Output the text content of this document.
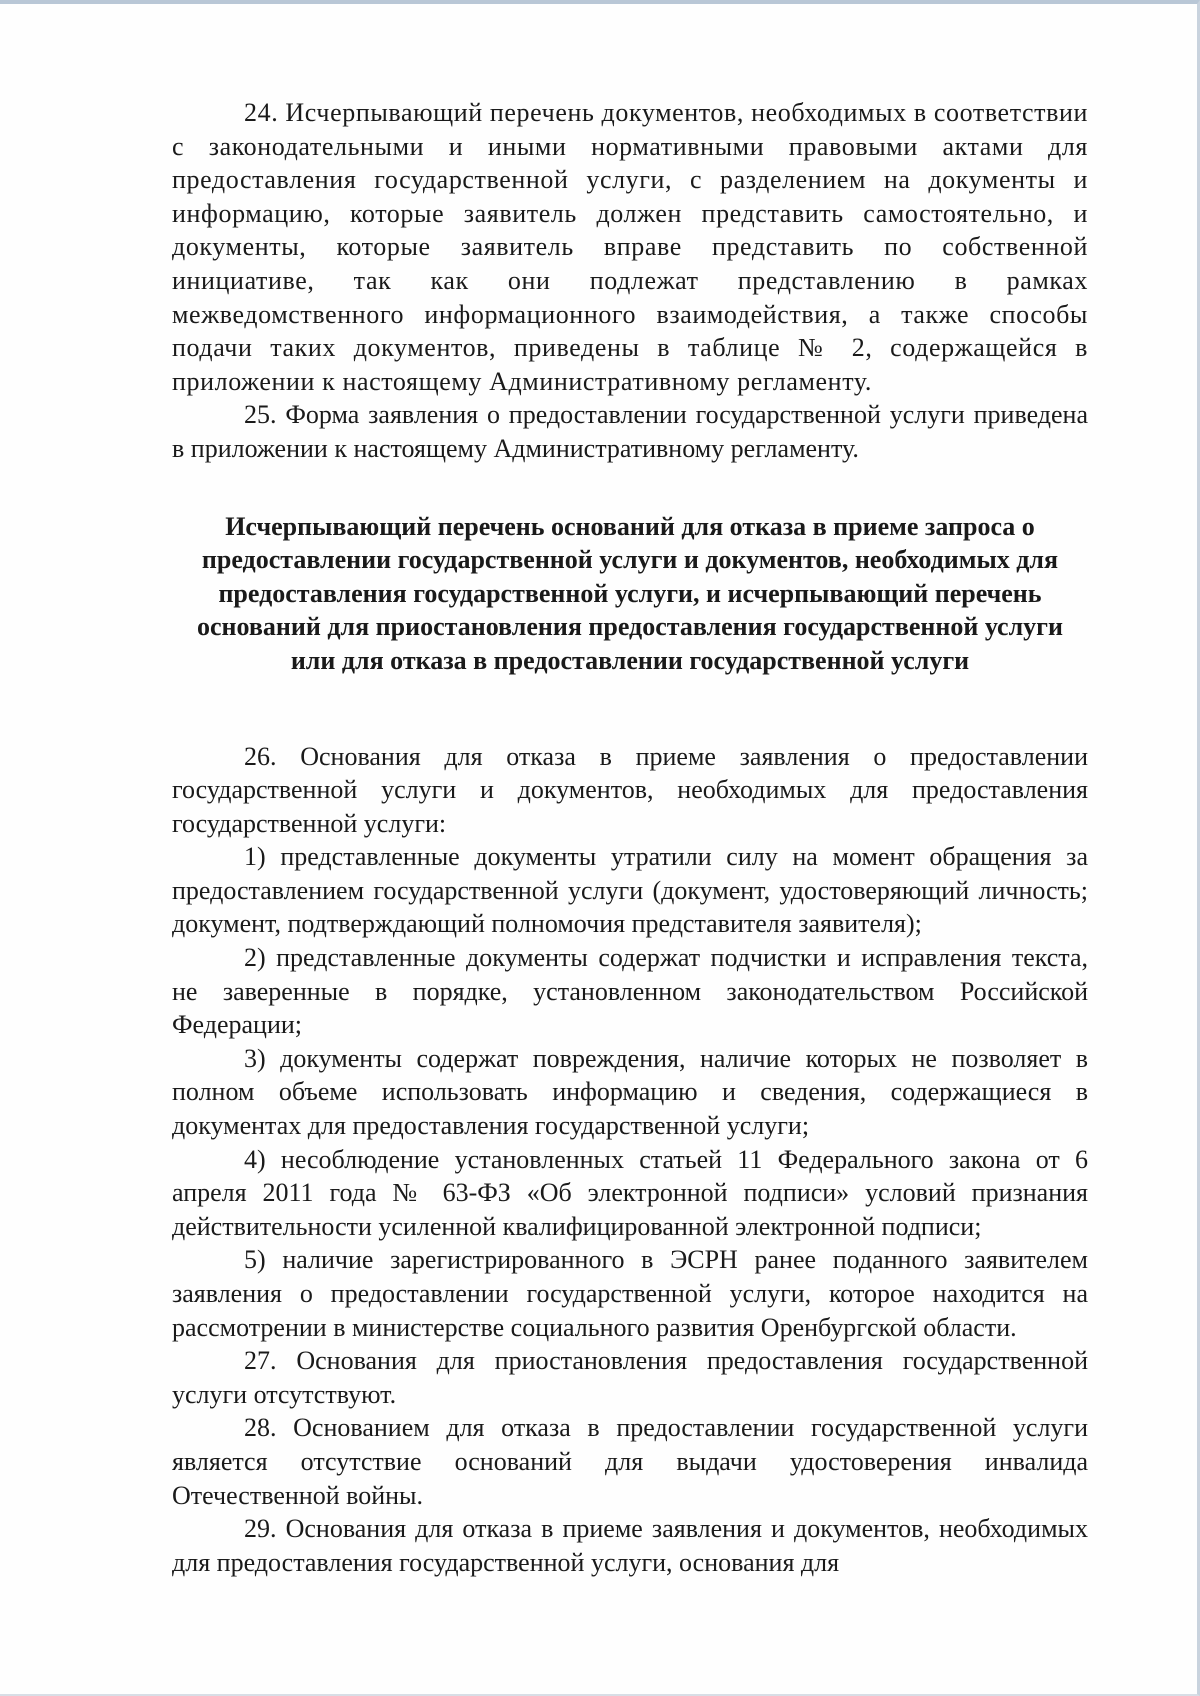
24. Исчерпывающий перечень документов, необходимых в соответствии с законодательными и иными нормативными правовыми актами для предоставления государственной услуги, с разделением на документы и информацию, которые заявитель должен представить самостоятельно, и документы, которые заявитель вправе представить по собственной инициативе, так как они подлежат представлению в рамках межведомственного информационного взаимодействия, а также способы подачи таких документов, приведены в таблице № 2, содержащейся в приложении к настоящему Административному регламенту.

25. Форма заявления о предоставлении государственной услуги приведена в приложении к настоящему Административному регламенту.

Исчерпывающий перечень оснований для отказа в приеме запроса о предоставлении государственной услуги и документов, необходимых для предоставления государственной услуги, и исчерпывающий перечень оснований для приостановления предоставления государственной услуги или для отказа в предоставлении государственной услуги

26. Основания для отказа в приеме заявления о предоставлении государственной услуги и документов, необходимых для предоставления государственной услуги:

1) представленные документы утратили силу на момент обращения за предоставлением государственной услуги (документ, удостоверяющий личность; документ, подтверждающий полномочия представителя заявителя);

2) представленные документы содержат подчистки и исправления текста, не заверенные в порядке, установленном законодательством Российской Федерации;

3) документы содержат повреждения, наличие которых не позволяет в полном объеме использовать информацию и сведения, содержащиеся в документах для предоставления государственной услуги;

4) несоблюдение установленных статьей 11 Федерального закона от 6 апреля 2011 года № 63-ФЗ «Об электронной подписи» условий признания действительности усиленной квалифицированной электронной подписи;

5) наличие зарегистрированного в ЭСРН ранее поданного заявителем заявления о предоставлении государственной услуги, которое находится на рассмотрении в министерстве социального развития Оренбургской области.

27. Основания для приостановления предоставления государственной услуги отсутствуют.

28. Основанием для отказа в предоставлении государственной услуги является отсутствие оснований для выдачи удостоверения инвалида Отечественной войны.

29. Основания для отказа в приеме заявления и документов, необходимых для предоставления государственной услуги, основания для
